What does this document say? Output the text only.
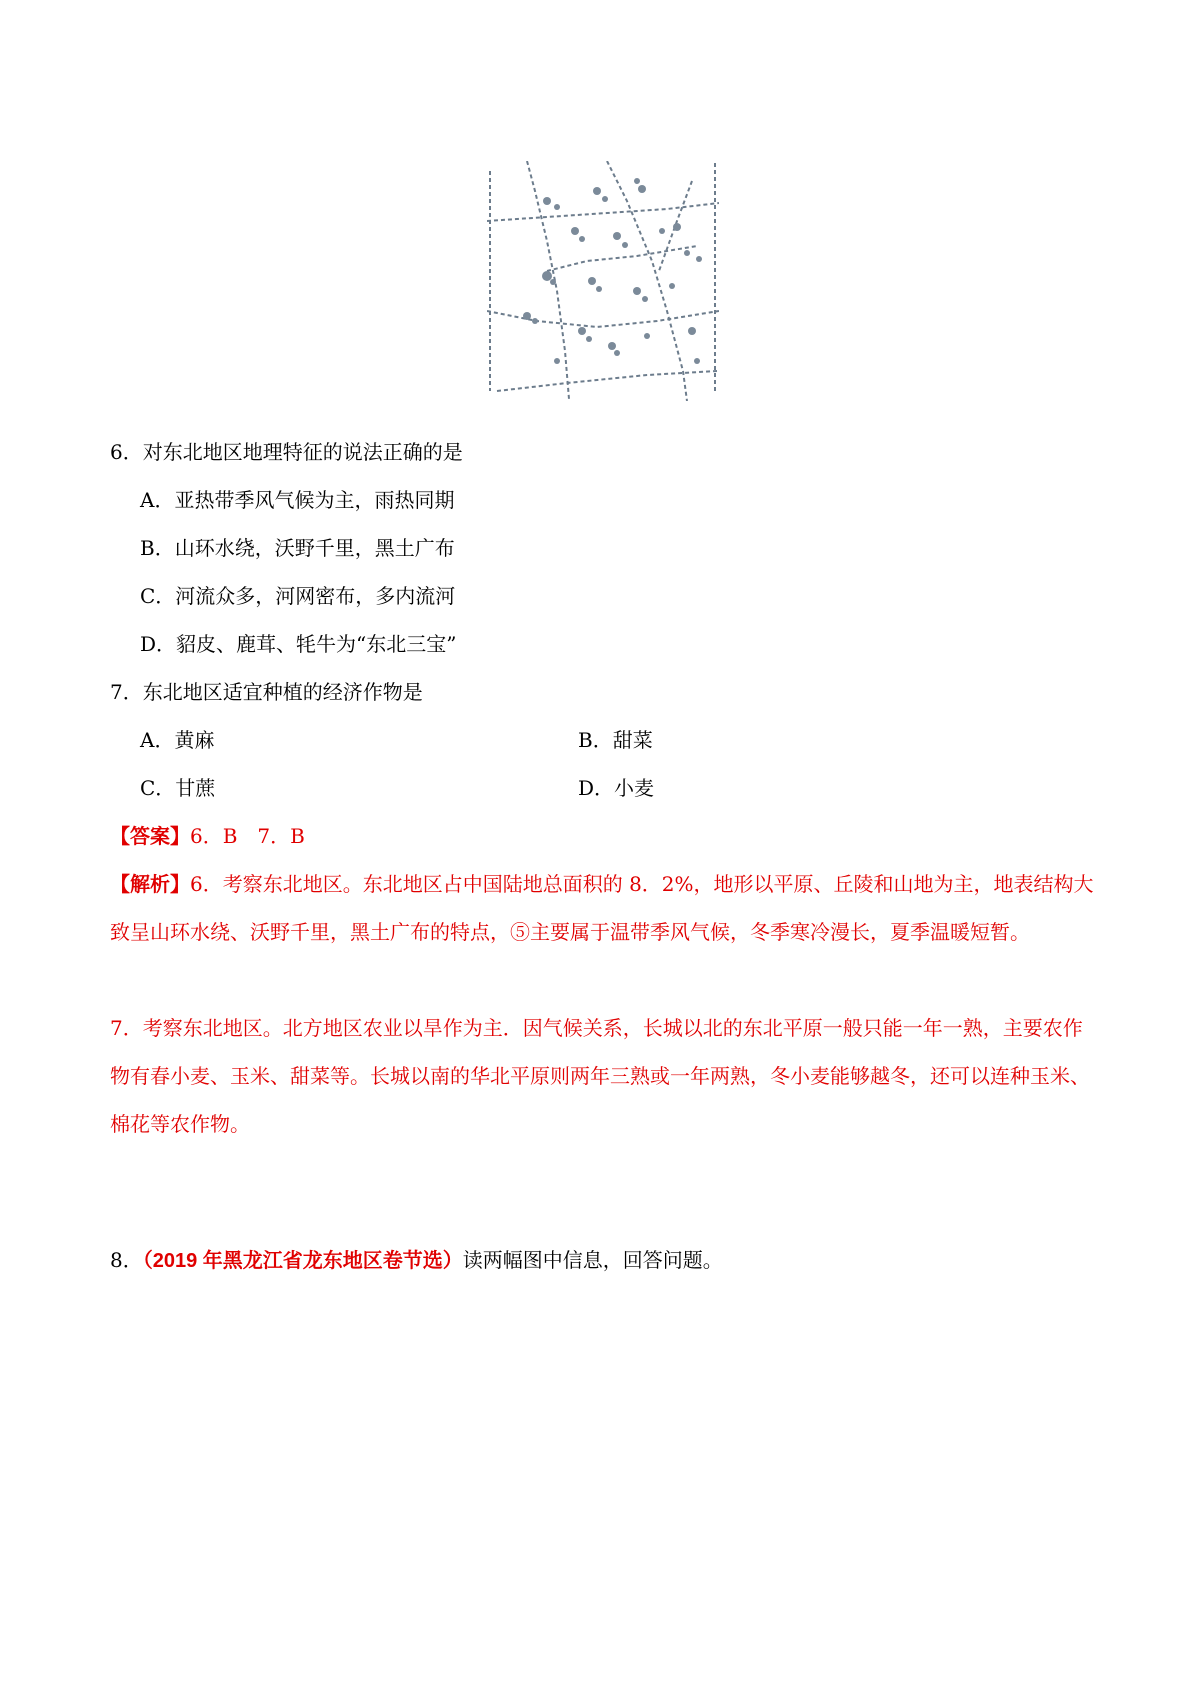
6．对东北地区地理特征的说法正确的是
A．亚热带季风气候为主，雨热同期
B．山环水绕，沃野千里，黑土广布
C．河流众多，河网密布，多内流河
D．貂皮、鹿茸、牦牛为“东北三宝”
7．东北地区适宜种植的经济作物是
A．黄麻	B．甜菜
C．甘蔗	D．小麦
【答案】6．B　7．B
【解析】6．考察东北地区。东北地区占中国陆地总面积的 8．2%，地形以平原、丘陵和山地为主，地表结构大致呈山环水绕、沃野千里，黑土广布的特点，⑤主要属于温带季风气候，冬季寒冷漫长，夏季温暖短暂。
7．考察东北地区。北方地区农业以旱作为主．因气候关系，长城以北的东北平原一般只能一年一熟，主要农作物有春小麦、玉米、甜菜等。长城以南的华北平原则两年三熟或一年两熟，冬小麦能够越冬，还可以连种玉米、棉花等农作物。
8．（2019 年黑龙江省龙东地区卷节选）读两幅图中信息，回答问题。
